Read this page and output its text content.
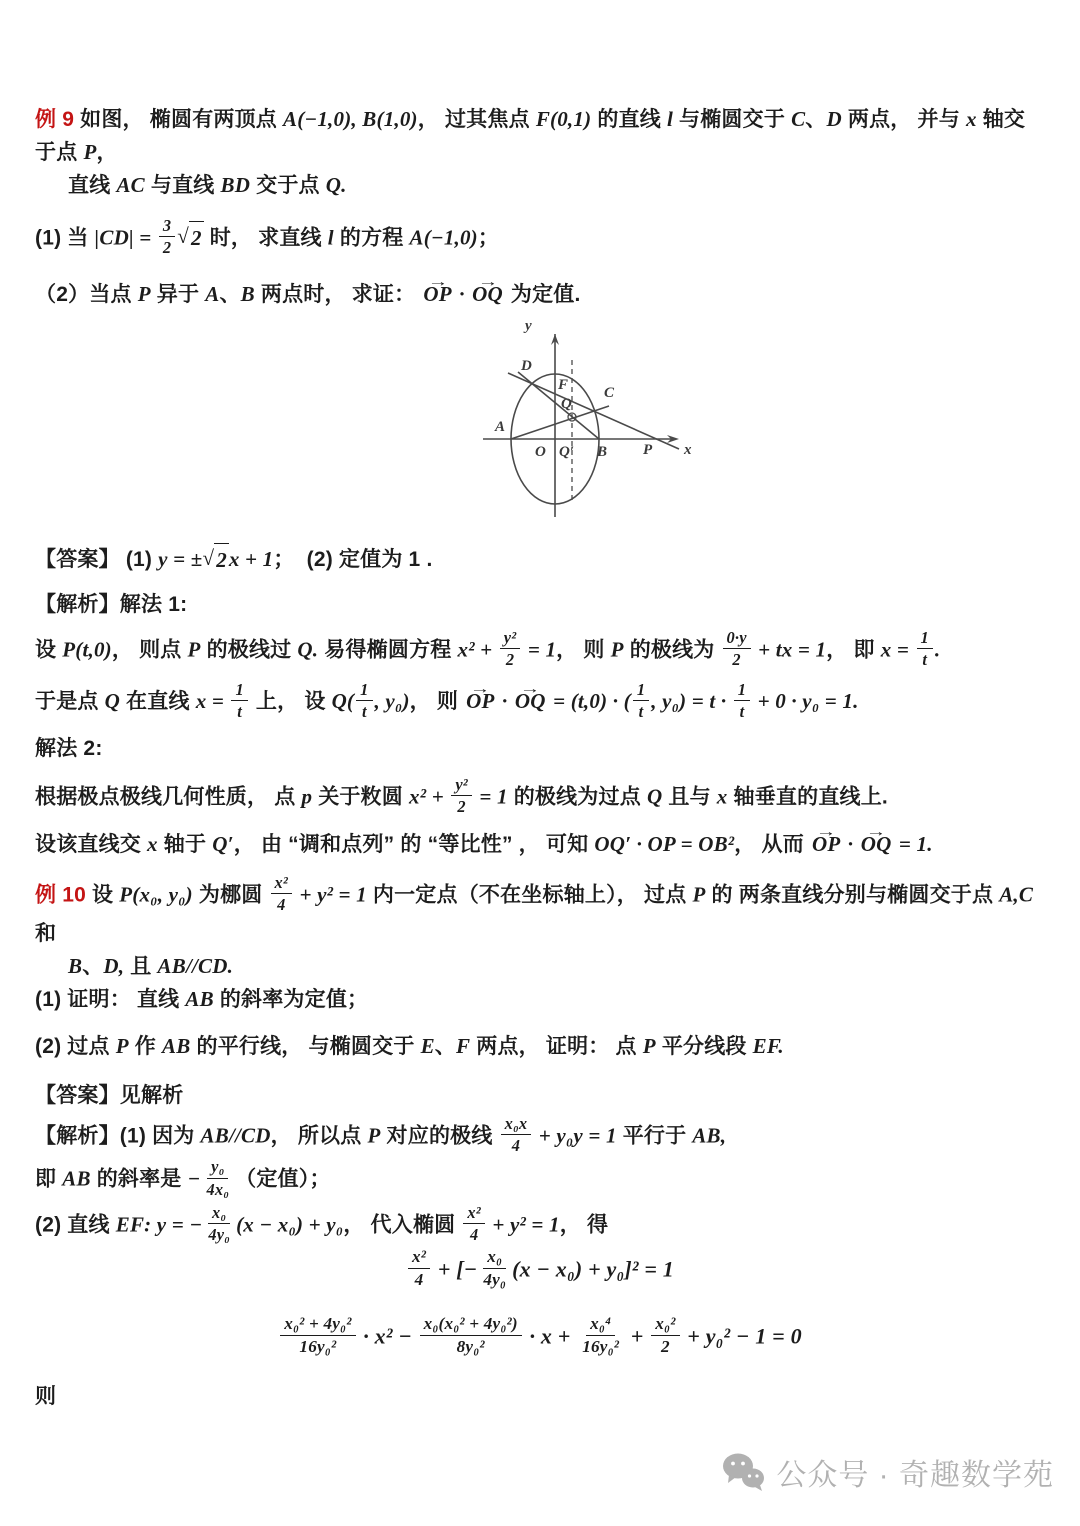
例 9 如图， 椭圆有两顶点 A(−1,0), B(1,0)， 过其焦点 F(0,1) 的直线 l 与椭圆交于 C、D 两点， 并与 x 轴交于点 P，
直线 AC 与直线 BD 交于点 Q.
(1) 当 $|CD| = \frac{3}{2}$ √ 2 时， 求直线 l 的方程 A(−1,0)；
（2）当点 P 异于 A、B 两点时， 求证： → OP · → OQ 为定值.
y
x
D
F C
Q
A
O Q′ B P
【答案】 (1) y = ± √ 2 x + 1；  (2) 定值为 1 .
【解析】解法 1:
设 P(t,0)， 则点 P 的极线过 Q. 易得椭圆方程 $x^2 + \frac{\text{y²}}{2} = 1$， 则 P 的极线为 $\frac{0\cdot y}{2}$ + tx = 1， 即 $x = \frac{1}{t}$ .
于是点 Q 在直线 $x = \frac{1}{t}$ 上， 设 $Q( \frac{1}{t}$ , y₀)， 则 → OP · → OQ = (t,0) · ( $\frac{1}{t}$ , $y_0) = t \cdot \frac{1}{t} + 0 \cdot y_0 = 1$.
解法 2:
根据极点极线几何性质， 点 p 关于敉圆 $x^2 + \frac{\text{y²}}{2} = 1$ 的极线为过点 Q 且与 x 轴垂直的直线上.
设该直线交 x 轴于 Q′， 由 “调和点列” 的 “等比性” ， 可知 OQ′ · OP = OB²， 从而 → OP · → OQ = 1.
例 10 设 P(x₀, y₀) 为梛圆 $\frac{\text{x²}}{4} + y^2 = 1$ 内一定点（不在坐标轴上）， 过点 P 的 两条直线分别与椭圆交于点 A,C 和
B、D, 且 AB//CD.
(1) 证明： 直线 AB 的斜率为定值；
(2) 过点 P 作 AB 的平行线， 与椭圆交于 E、F 两点， 证明： 点 P 平分线段 EF.
【答案】见解析
【解析】(1) 因为 AB//CD， 所以点 P 对应的极线 $\frac{\text{x₀x}}{4} + y_0y = 1$ 平行于 AB,
即 AB 的斜率是 − $\frac{\text{y₀}}{\text{4x₀}}$ （定值）；
(2) 直线 EF: y = − $\frac{\text{x₀}}{\text{4y₀}} (x - x_0) + y_0$， 代入椭圆 $\frac{\text{x²}}{4} + y^2 = 1$， 得
$\frac{\text{x²}}{4}$ + [− $\frac{\text{x₀}}{\text{4y₀}} (x - x_0) + y_0]^2 = 1$
$\frac{\text{x₀² + 4y₀²}}{\text{16y₀²}} \cdot x^2 - \frac{\text{x₀(x₀² + 4y₀²)}}{\text{8y₀²}} \cdot x + \frac{\text{x₀⁴}}{\text{16y₀²}} + \frac{\text{x₀²}}{2} + y_0^2 - 1 = 0$
则
公众号 · 奇趣数学苑
